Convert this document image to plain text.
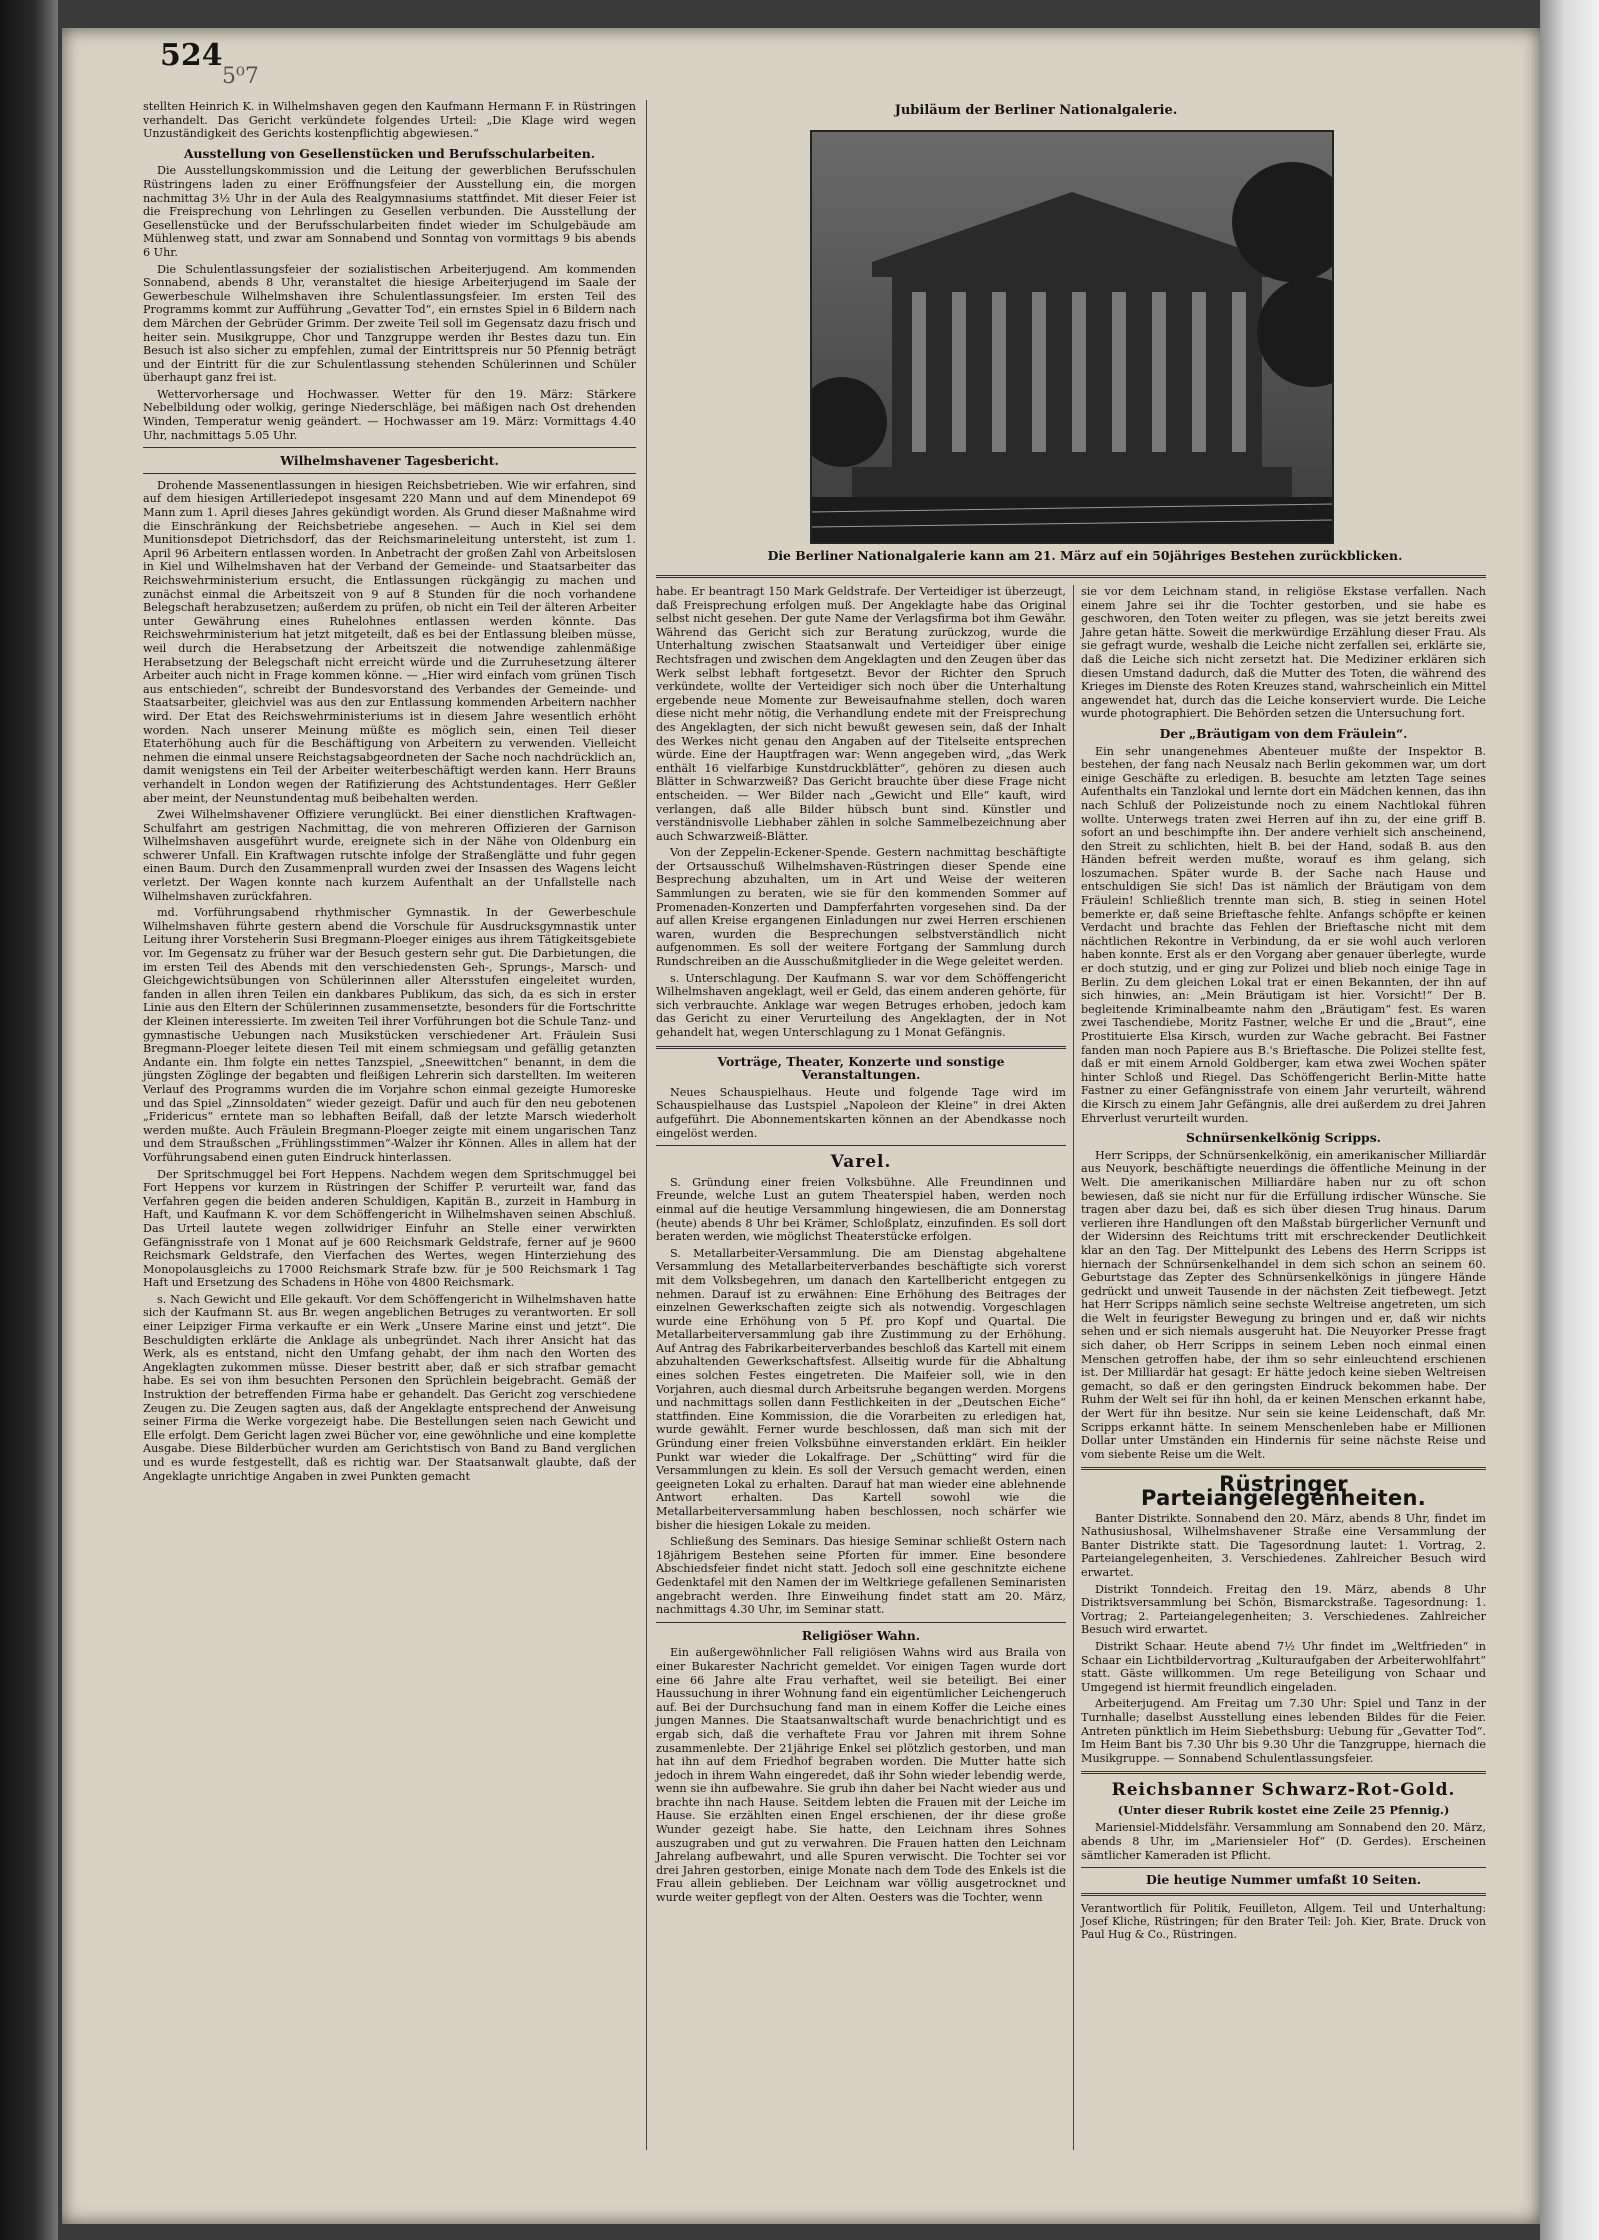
524
5⁰7

stellten Heinrich K. in Wilhelmshaven gegen den Kaufmann Hermann F. in Rüstringen verhandelt. Das Gericht verkündete folgendes Urteil: „Die Klage wird wegen Unzuständigkeit des Gerichts kostenpflichtig abgewiesen.“

Ausstellung von Gesellenstücken und Berufsschularbeiten.

Die Ausstellungskommission und die Leitung der gewerblichen Berufsschulen Rüstringens laden zu einer Eröffnungsfeier der Ausstellung ein, die morgen nachmittag 3½ Uhr in der Aula des Realgymnasiums stattfindet. Mit dieser Feier ist die Freisprechung von Lehrlingen zu Gesellen verbunden. Die Ausstellung der Gesellenstücke und der Berufsschularbeiten findet wieder im Schulgebäude am Mühlenweg statt, und zwar am Sonnabend und Sonntag von vormittags 9 bis abends 6 Uhr.

Die Schulentlassungsfeier der sozialistischen Arbeiterjugend. Am kommenden Sonnabend, abends 8 Uhr, veranstaltet die hiesige Arbeiterjugend im Saale der Gewerbeschule Wilhelmshaven ihre Schulentlassungsfeier. Im ersten Teil des Programms kommt zur Aufführung „Gevatter Tod“, ein ernstes Spiel in 6 Bildern nach dem Märchen der Gebrüder Grimm. Der zweite Teil soll im Gegensatz dazu frisch und heiter sein. Musikgruppe, Chor und Tanzgruppe werden ihr Bestes dazu tun. Ein Besuch ist also sicher zu empfehlen, zumal der Eintrittspreis nur 50 Pfennig beträgt und der Eintritt für die zur Schulentlassung stehenden Schülerinnen und Schüler überhaupt ganz frei ist.

Wettervorhersage und Hochwasser. Wetter für den 19. März: Stärkere Nebelbildung oder wolkig, geringe Niederschläge, bei mäßigen nach Ost drehenden Winden, Temperatur wenig geändert. — Hochwasser am 19. März: Vormittags 4.40 Uhr, nachmittags 5.05 Uhr.

Wilhelmshavener Tagesbericht.

Drohende Massenentlassungen in hiesigen Reichsbetrieben. Wie wir erfahren, sind auf dem hiesigen Artilleriedepot insgesamt 220 Mann und auf dem Minendepot 69 Mann zum 1. April dieses Jahres gekündigt worden. Als Grund dieser Maßnahme wird die Einschränkung der Reichsbetriebe angesehen. — Auch in Kiel sei dem Munitionsdepot Dietrichsdorf, das der Reichsmarineleitung untersteht, ist zum 1. April 96 Arbeitern entlassen worden. In Anbetracht der großen Zahl von Arbeitslosen in Kiel und Wilhelmshaven hat der Verband der Gemeinde- und Staatsarbeiter das Reichswehrministerium ersucht, die Entlassungen rückgängig zu machen und zunächst einmal die Arbeitszeit von 9 auf 8 Stunden für die noch vorhandene Belegschaft herabzusetzen; außerdem zu prüfen, ob nicht ein Teil der älteren Arbeiter unter Gewährung eines Ruhelohnes entlassen werden könnte. Das Reichswehrministerium hat jetzt mitgeteilt, daß es bei der Entlassung bleiben müsse, weil durch die Herabsetzung der Arbeitszeit die notwendige zahlenmäßige Herabsetzung der Belegschaft nicht erreicht würde und die Zurruhesetzung älterer Arbeiter auch nicht in Frage kommen könne. — „Hier wird einfach vom grünen Tisch aus entschieden“, schreibt der Bundesvorstand des Verbandes der Gemeinde- und Staatsarbeiter, gleichviel was aus den zur Entlassung kommenden Arbeitern nachher wird. Der Etat des Reichswehrministeriums ist in diesem Jahre wesentlich erhöht worden. Nach unserer Meinung müßte es möglich sein, einen Teil dieser Etaterhöhung auch für die Beschäftigung von Arbeitern zu verwenden. Vielleicht nehmen die einmal unsere Reichstagsabgeordneten der Sache noch nachdrücklich an, damit wenigstens ein Teil der Arbeiter weiterbeschäftigt werden kann. Herr Brauns verhandelt in London wegen der Ratifizierung des Achtstundentages. Herr Geßler aber meint, der Neunstundentag muß beibehalten werden.

Zwei Wilhelmshavener Offiziere verunglückt. Bei einer dienstlichen Kraftwagen-Schulfahrt am gestrigen Nachmittag, die von mehreren Offizieren der Garnison Wilhelmshaven ausgeführt wurde, ereignete sich in der Nähe von Oldenburg ein schwerer Unfall. Ein Kraftwagen rutschte infolge der Straßenglätte und fuhr gegen einen Baum. Durch den Zusammenprall wurden zwei der Insassen des Wagens leicht verletzt. Der Wagen konnte nach kurzem Aufenthalt an der Unfallstelle nach Wilhelmshaven zurückfahren.

md. Vorführungsabend rhythmischer Gymnastik. In der Gewerbeschule Wilhelmshaven führte gestern abend die Vorschule für Ausdrucksgymnastik unter Leitung ihrer Vorsteherin Susi Bregmann-Ploeger einiges aus ihrem Tätigkeitsgebiete vor. Im Gegensatz zu früher war der Besuch gestern sehr gut. Die Darbietungen, die im ersten Teil des Abends mit den verschiedensten Geh-, Sprungs-, Marsch- und Gleichgewichtsübungen von Schülerinnen aller Altersstufen eingeleitet wurden, fanden in allen ihren Teilen ein dankbares Publikum, das sich, da es sich in erster Linie aus den Eltern der Schülerinnen zusammensetzte, besonders für die Fortschritte der Kleinen interessierte. Im zweiten Teil ihrer Vorführungen bot die Schule Tanz- und gymnastische Uebungen nach Musikstücken verschiedener Art. Fräulein Susi Bregmann-Ploeger leitete diesen Teil mit einem schmiegsam und gefällig getanzten Andante ein. Ihm folgte ein nettes Tanzspiel, „Sneewittchen“ benannt, in dem die jüngsten Zöglinge der begabten und fleißigen Lehrerin sich darstellten. Im weiteren Verlauf des Programms wurden die im Vorjahre schon einmal gezeigte Humoreske und das Spiel „Zinnsoldaten“ wieder gezeigt. Dafür und auch für den neu gebotenen „Fridericus“ erntete man so lebhaften Beifall, daß der letzte Marsch wiederholt werden mußte. Auch Fräulein Bregmann-Ploeger zeigte mit einem ungarischen Tanz und dem Straußschen „Frühlingsstimmen“-Walzer ihr Können. Alles in allem hat der Vorführungsabend einen guten Eindruck hinterlassen.

Der Spritschmuggel bei Fort Heppens. Nachdem wegen dem Spritschmuggel bei Fort Heppens vor kurzem in Rüstringen der Schiffer P. verurteilt war, fand das Verfahren gegen die beiden anderen Schuldigen, Kapitän B., zurzeit in Hamburg in Haft, und Kaufmann K. vor dem Schöffengericht in Wilhelmshaven seinen Abschluß. Das Urteil lautete wegen zollwidriger Einfuhr an Stelle einer verwirkten Gefängnisstrafe von 1 Monat auf je 600 Reichsmark Geldstrafe, ferner auf je 9600 Reichsmark Geldstrafe, den Vierfachen des Wertes, wegen Hinterziehung des Monopolausgleichs zu 17000 Reichsmark Strafe bzw. für je 500 Reichsmark 1 Tag Haft und Ersetzung des Schadens in Höhe von 4800 Reichsmark.

s. Nach Gewicht und Elle gekauft. Vor dem Schöffengericht in Wilhelmshaven hatte sich der Kaufmann St. aus Br. wegen angeblichen Betruges zu verantworten. Er soll einer Leipziger Firma verkaufte er ein Werk „Unsere Marine einst und jetzt“. Die Beschuldigten erklärte die Anklage als unbegründet. Nach ihrer Ansicht hat das Werk, als es entstand, nicht den Umfang gehabt, der ihm nach den Worten des Angeklagten zukommen müsse. Dieser bestritt aber, daß er sich strafbar gemacht habe. Es sei von ihm besuchten Personen den Sprüchlein beigebracht. Gemäß der Instruktion der betreffenden Firma habe er gehandelt. Das Gericht zog verschiedene Zeugen zu. Die Zeugen sagten aus, daß der Angeklagte entsprechend der Anweisung seiner Firma die Werke vorgezeigt habe. Die Bestellungen seien nach Gewicht und Elle erfolgt. Dem Gericht lagen zwei Bücher vor, eine gewöhnliche und eine komplette Ausgabe. Diese Bilderbücher wurden am Gerichtstisch von Band zu Band verglichen und es wurde festgestellt, daß es richtig war. Der Staatsanwalt glaubte, daß der Angeklagte unrichtige Angaben in zwei Punkten gemacht

Jubiläum der Berliner Nationalgalerie.
Die Berliner Nationalgalerie kann am 21. März auf ein 50jähriges Bestehen zurückblicken.

habe. Er beantragt 150 Mark Geldstrafe. Der Verteidiger ist überzeugt, daß Freisprechung erfolgen muß. Der Angeklagte habe das Original selbst nicht gesehen. Der gute Name der Verlagsfirma bot ihm Gewähr. Während das Gericht sich zur Beratung zurückzog, wurde die Unterhaltung zwischen Staatsanwalt und Verteidiger über einige Rechtsfragen und zwischen dem Angeklagten und den Zeugen über das Werk selbst lebhaft fortgesetzt. Bevor der Richter den Spruch verkündete, wollte der Verteidiger sich noch über die Unterhaltung ergebende neue Momente zur Beweisaufnahme stellen, doch waren diese nicht mehr nötig, die Verhandlung endete mit der Freisprechung des Angeklagten, der sich nicht bewußt gewesen sein, daß der Inhalt des Werkes nicht genau den Angaben auf der Titelseite entsprechen würde. Eine der Hauptfragen war: Wenn angegeben wird, „das Werk enthält 16 vielfarbige Kunstdruckblätter“, gehören zu diesen auch Blätter in Schwarzweiß? Das Gericht brauchte über diese Frage nicht entscheiden. — Wer Bilder nach „Gewicht und Elle“ kauft, wird verlangen, daß alle Bilder hübsch bunt sind. Künstler und verständnisvolle Liebhaber zählen in solche Sammelbezeichnung aber auch Schwarzweiß-Blätter.

Von der Zeppelin-Eckener-Spende. Gestern nachmittag beschäftigte der Ortsausschuß Wilhelmshaven-Rüstringen dieser Spende eine Besprechung abzuhalten, um in Art und Weise der weiteren Sammlungen zu beraten, wie sie für den kommenden Sommer auf Promenaden-Konzerten und Dampferfahrten vorgesehen sind. Da der auf allen Kreise ergangenen Einladungen nur zwei Herren erschienen waren, wurden die Besprechungen selbstverständlich nicht aufgenommen. Es soll der weitere Fortgang der Sammlung durch Rundschreiben an die Ausschußmitglieder in die Wege geleitet werden.

s. Unterschlagung. Der Kaufmann S. war vor dem Schöffengericht Wilhelmshaven angeklagt, weil er Geld, das einem anderen gehörte, für sich verbrauchte. Anklage war wegen Betruges erhoben, jedoch kam das Gericht zu einer Verurteilung des Angeklagten, der in Not gehandelt hat, wegen Unterschlagung zu 1 Monat Gefängnis.

Vorträge, Theater, Konzerte und sonstige Veranstaltungen.

Neues Schauspielhaus. Heute und folgende Tage wird im Schauspielhause das Lustspiel „Napoleon der Kleine“ in drei Akten aufgeführt. Die Abonnementskarten können an der Abendkasse noch eingelöst werden.

Varel.

S. Gründung einer freien Volksbühne. Alle Freundinnen und Freunde, welche Lust an gutem Theaterspiel haben, werden noch einmal auf die heutige Versammlung hingewiesen, die am Donnerstag (heute) abends 8 Uhr bei Krämer, Schloßplatz, einzufinden. Es soll dort beraten werden, wie möglichst Theaterstücke erfolgen.

S. Metallarbeiter-Versammlung. Die am Dienstag abgehaltene Versammlung des Metallarbeiterverbandes beschäftigte sich vorerst mit dem Volksbegehren, um danach den Kartellbericht entgegen zu nehmen. Darauf ist zu erwähnen: Eine Erhöhung des Beitrages der einzelnen Gewerkschaften zeigte sich als notwendig. Vorgeschlagen wurde eine Erhöhung von 5 Pf. pro Kopf und Quartal. Die Metallarbeiterversammlung gab ihre Zustimmung zu der Erhöhung. Auf Antrag des Fabrikarbeiterverbandes beschloß das Kartell mit einem abzuhaltenden Gewerkschaftsfest. Allseitig wurde für die Abhaltung eines solchen Festes eingetreten. Die Maifeier soll, wie in den Vorjahren, auch diesmal durch Arbeitsruhe begangen werden. Morgens und nachmittags sollen dann Festlichkeiten in der „Deutschen Eiche“ stattfinden. Eine Kommission, die die Vorarbeiten zu erledigen hat, wurde gewählt. Ferner wurde beschlossen, daß man sich mit der Gründung einer freien Volksbühne einverstanden erklärt. Ein heikler Punkt war wieder die Lokalfrage. Der „Schütting“ wird für die Versammlungen zu klein. Es soll der Versuch gemacht werden, einen geeigneten Lokal zu erhalten. Darauf hat man wieder eine ablehnende Antwort erhalten. Das Kartell sowohl wie die Metallarbeiterversammlung haben beschlossen, noch schärfer wie bisher die hiesigen Lokale zu meiden.

Schließung des Seminars. Das hiesige Seminar schließt Ostern nach 18jährigem Bestehen seine Pforten für immer. Eine besondere Abschiedsfeier findet nicht statt. Jedoch soll eine geschnitzte eichene Gedenktafel mit den Namen der im Weltkriege gefallenen Seminaristen angebracht werden. Ihre Einweihung findet statt am 20. März, nachmittags 4.30 Uhr, im Seminar statt.

Religiöser Wahn.

Ein außergewöhnlicher Fall religiösen Wahns wird aus Braila von einer Bukarester Nachricht gemeldet. Vor einigen Tagen wurde dort eine 66 Jahre alte Frau verhaftet, weil sie beteiligt. Bei einer Haussuchung in ihrer Wohnung fand ein eigentümlicher Leichengeruch auf. Bei der Durchsuchung fand man in einem Koffer die Leiche eines jungen Mannes. Die Staatsanwaltschaft wurde benachrichtigt und es ergab sich, daß die verhaftete Frau vor Jahren mit ihrem Sohne zusammenlebte. Der 21jährige Enkel sei plötzlich gestorben, und man hat ihn auf dem Friedhof begraben worden. Die Mutter hatte sich jedoch in ihrem Wahn eingeredet, daß ihr Sohn wieder lebendig werde, wenn sie ihn aufbewahre. Sie grub ihn daher bei Nacht wieder aus und brachte ihn nach Hause. Seitdem lebten die Frauen mit der Leiche im Hause. Sie erzählten einen Engel erschienen, der ihr diese große Wunder gezeigt habe. Sie hatte, den Leichnam ihres Sohnes auszugraben und gut zu verwahren. Die Frauen hatten den Leichnam Jahrelang aufbewahrt, und alle Spuren verwischt. Die Tochter sei vor drei Jahren gestorben, einige Monate nach dem Tode des Enkels ist die Frau allein geblieben. Der Leichnam war völlig ausgetrocknet und wurde weiter gepflegt von der Alten. Oesters was die Tochter, wenn

sie vor dem Leichnam stand, in religiöse Ekstase verfallen. Nach einem Jahre sei ihr die Tochter gestorben, und sie habe es geschworen, den Toten weiter zu pflegen, was sie jetzt bereits zwei Jahre getan hätte. Soweit die merkwürdige Erzählung dieser Frau. Als sie gefragt wurde, weshalb die Leiche nicht zerfallen sei, erklärte sie, daß die Leiche sich nicht zersetzt hat. Die Mediziner erklären sich diesen Umstand dadurch, daß die Mutter des Toten, die während des Krieges im Dienste des Roten Kreuzes stand, wahrscheinlich ein Mittel angewendet hat, durch das die Leiche konserviert wurde. Die Leiche wurde photographiert. Die Behörden setzen die Untersuchung fort.

Der „Bräutigam von dem Fräulein“.

Ein sehr unangenehmes Abenteuer mußte der Inspektor B. bestehen, der fang nach Neusalz nach Berlin gekommen war, um dort einige Geschäfte zu erledigen. B. besuchte am letzten Tage seines Aufenthalts ein Tanzlokal und lernte dort ein Mädchen kennen, das ihn nach Schluß der Polizeistunde noch zu einem Nachtlokal führen wollte. Unterwegs traten zwei Herren auf ihn zu, der eine griff B. sofort an und beschimpfte ihn. Der andere verhielt sich anscheinend, den Streit zu schlichten, hielt B. bei der Hand, sodaß B. aus den Händen befreit werden mußte, worauf es ihm gelang, sich loszumachen. Später wurde B. der Sache nach Hause und entschuldigen Sie sich! Das ist nämlich der Bräutigam von dem Fräulein! Schließlich trennte man sich, B. stieg in seinen Hotel bemerkte er, daß seine Brieftasche fehlte. Anfangs schöpfte er keinen Verdacht und brachte das Fehlen der Brieftasche nicht mit dem nächtlichen Rekontre in Verbindung, da er sie wohl auch verloren haben konnte. Erst als er den Vorgang aber genauer überlegte, wurde er doch stutzig, und er ging zur Polizei und blieb noch einige Tage in Berlin. Zu dem gleichen Lokal trat er einen Bekannten, der ihn auf sich hinwies, an: „Mein Bräutigam ist hier. Vorsicht!“ Der B. begleitende Kriminalbeamte nahm den „Bräutigam“ fest. Es waren zwei Taschendiebe, Moritz Fastner, welche Er und die „Braut“, eine Prostituierte Elsa Kirsch, wurden zur Wache gebracht. Bei Fastner fanden man noch Papiere aus B.'s Brieftasche. Die Polizei stellte fest, daß er mit einem Arnold Goldberger, kam etwa zwei Wochen später hinter Schloß und Riegel. Das Schöffengericht Berlin-Mitte hatte Fastner zu einer Gefängnisstrafe von einem Jahr verurteilt, während die Kirsch zu einem Jahr Gefängnis, alle drei außerdem zu drei Jahren Ehrverlust verurteilt wurden.

Schnürsenkelkönig Scripps.

Herr Scripps, der Schnürsenkelkönig, ein amerikanischer Milliardär aus Neuyork, beschäftigte neuerdings die öffentliche Meinung in der Welt. Die amerikanischen Milliardäre haben nur zu oft schon bewiesen, daß sie nicht nur für die Erfüllung irdischer Wünsche. Sie tragen aber dazu bei, daß es sich über diesen Trug hinaus. Darum verlieren ihre Handlungen oft den Maßstab bürgerlicher Vernunft und der Widersinn des Reichtums tritt mit erschreckender Deutlichkeit klar an den Tag. Der Mittelpunkt des Lebens des Herrn Scripps ist hiernach der Schnürsenkelhandel in dem sich schon an seinem 60. Geburtstage das Zepter des Schnürsenkelkönigs in jüngere Hände gedrückt und unweit Tausende in der nächsten Zeit tiefbewegt. Jetzt hat Herr Scripps nämlich seine sechste Weltreise angetreten, um sich die Welt in feurigster Bewegung zu bringen und er, daß wir nichts sehen und er sich niemals ausgeruht hat. Die Neuyorker Presse fragt sich daher, ob Herr Scripps in seinem Leben noch einmal einen Menschen getroffen habe, der ihm so sehr einleuchtend erschienen ist. Der Milliardär hat gesagt: Er hätte jedoch keine sieben Weltreisen gemacht, so daß er den geringsten Eindruck bekommen habe. Der Ruhm der Welt sei für ihn hohl, da er keinen Menschen erkannt habe, der Wert für ihn besitze. Nur sein sie keine Leidenschaft, daß Mr. Scripps erkannt hätte. In seinem Menschenleben habe er Millionen Dollar unter Umständen ein Hindernis für seine nächste Reise und vom siebente Reise um die Welt.

Rüstringer Parteiangelegenheiten.

Banter Distrikte. Sonnabend den 20. März, abends 8 Uhr, findet im Nathusiushosal, Wilhelmshavener Straße eine Versammlung der Banter Distrikte statt. Die Tagesordnung lautet: 1. Vortrag, 2. Parteiangelegenheiten, 3. Verschiedenes. Zahlreicher Besuch wird erwartet.

Distrikt Tonndeich. Freitag den 19. März, abends 8 Uhr Distriktsversammlung bei Schön, Bismarckstraße. Tagesordnung: 1. Vortrag; 2. Parteiangelegenheiten; 3. Verschiedenes. Zahlreicher Besuch wird erwartet.

Distrikt Schaar. Heute abend 7½ Uhr findet im „Weltfrieden“ in Schaar ein Lichtbildervortrag „Kulturaufgaben der Arbeiterwohlfahrt“ statt. Gäste willkommen. Um rege Beteiligung von Schaar und Umgegend ist hiermit freundlich eingeladen.

Arbeiterjugend. Am Freitag um 7.30 Uhr: Spiel und Tanz in der Turnhalle; daselbst Ausstellung eines lebenden Bildes für die Feier. Antreten pünktlich im Heim Siebethsburg: Uebung für „Gevatter Tod“. Im Heim Bant bis 7.30 Uhr bis 9.30 Uhr die Tanzgruppe, hiernach die Musikgruppe. — Sonnabend Schulentlassungsfeier.

Reichsbanner Schwarz-Rot-Gold.
(Unter dieser Rubrik kostet eine Zeile 25 Pfennig.)

Mariensiel-Middelsfähr. Versammlung am Sonnabend den 20. März, abends 8 Uhr, im „Mariensieler Hof“ (D. Gerdes). Erscheinen sämtlicher Kameraden ist Pflicht.

Die heutige Nummer umfaßt 10 Seiten.
Verantwortlich für Politik, Feuilleton, Allgem. Teil und Unterhaltung: Josef Kliche, Rüstringen; für den Brater Teil: Joh. Kier, Brate. Druck von Paul Hug & Co., Rüstringen.
